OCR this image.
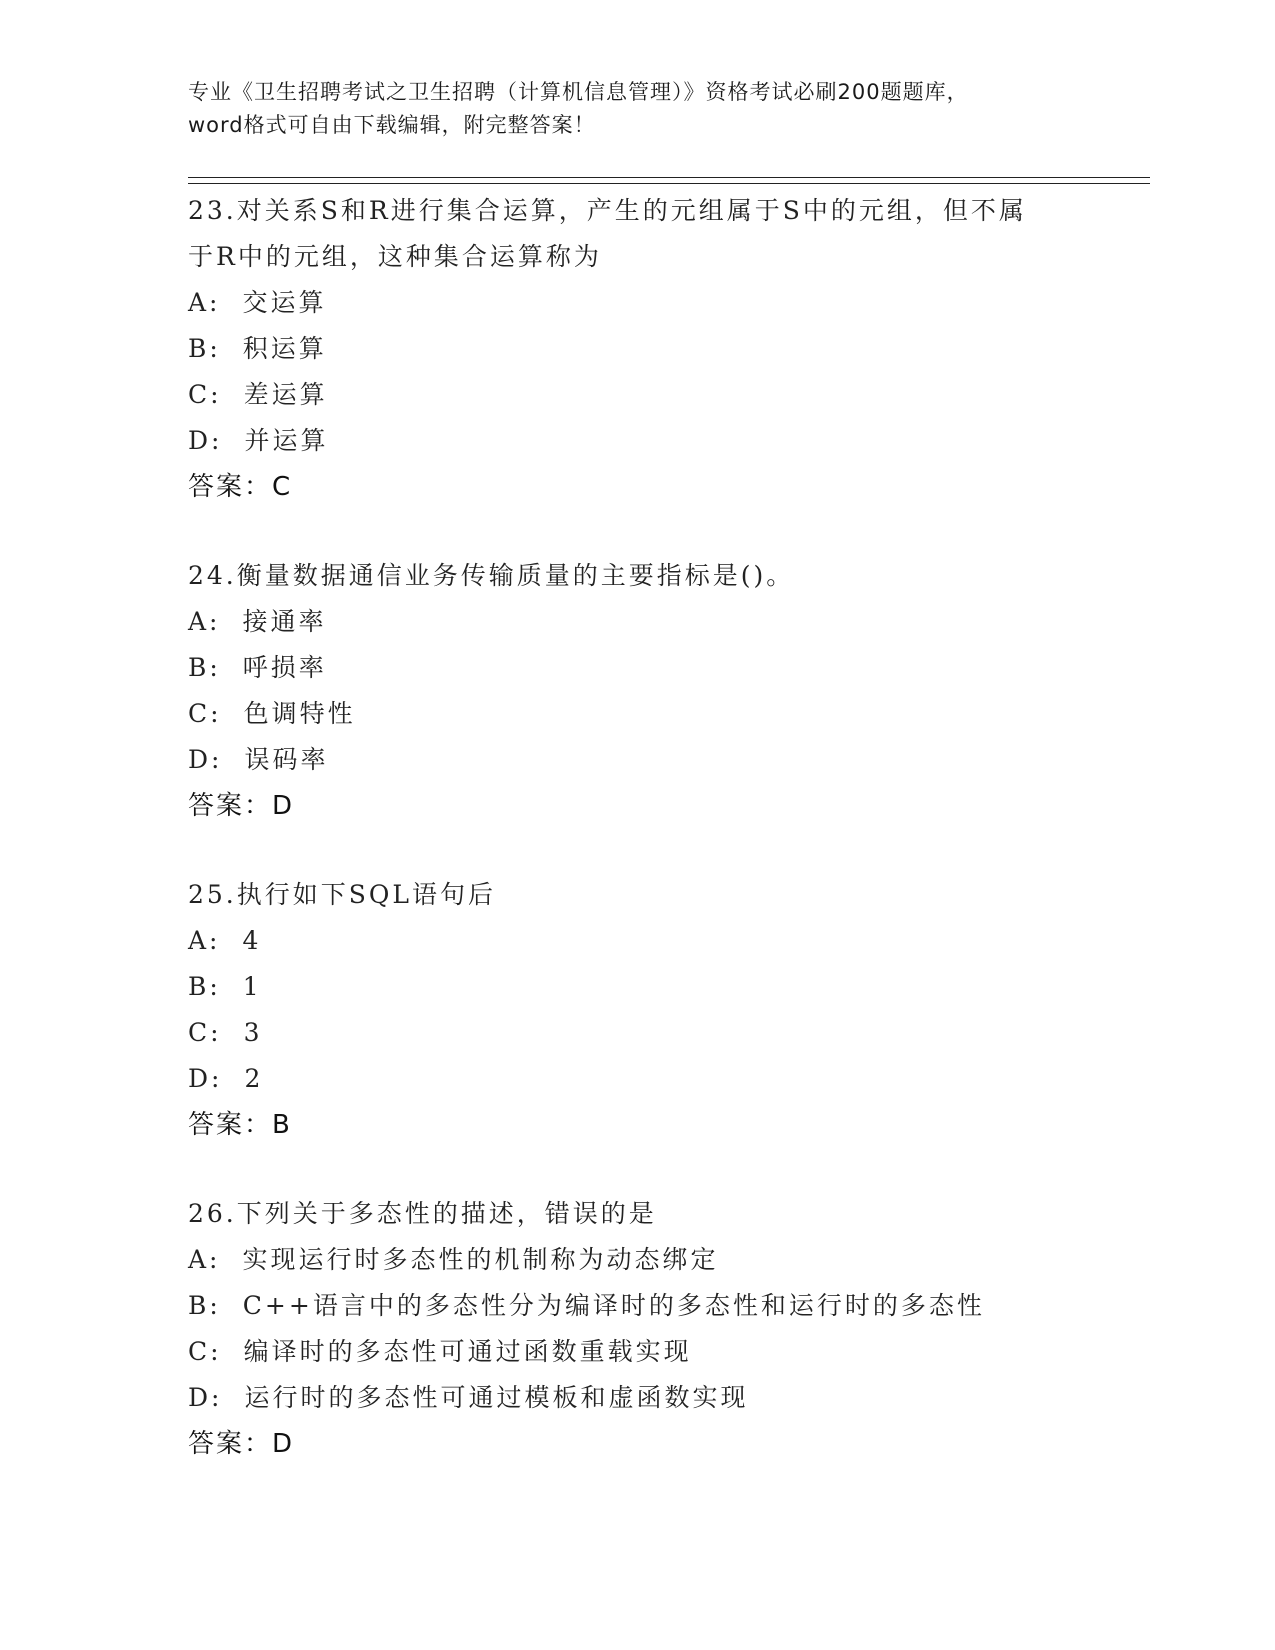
专业《卫生招聘考试之卫生招聘（计算机信息管理）》资格考试必刷200题题库，
word格式可自由下载编辑，附完整答案！

23.对关系S和R进行集合运算，产生的元组属于S中的元组，但不属

于R中的元组，这种集合运算称为

A: 交运算

B: 积运算

C: 差运算

D: 并运算

答案：C

24.衡量数据通信业务传输质量的主要指标是()。

A: 接通率

B: 呼损率

C: 色调特性

D: 误码率

答案：D

25.执行如下SQL语句后

A: 4

B: 1

C: 3

D: 2

答案：B

26.下列关于多态性的描述，错误的是

A: 实现运行时多态性的机制称为动态绑定

B: C++语言中的多态性分为编译时的多态性和运行时的多态性

C: 编译时的多态性可通过函数重载实现

D: 运行时的多态性可通过模板和虚函数实现

答案：D
